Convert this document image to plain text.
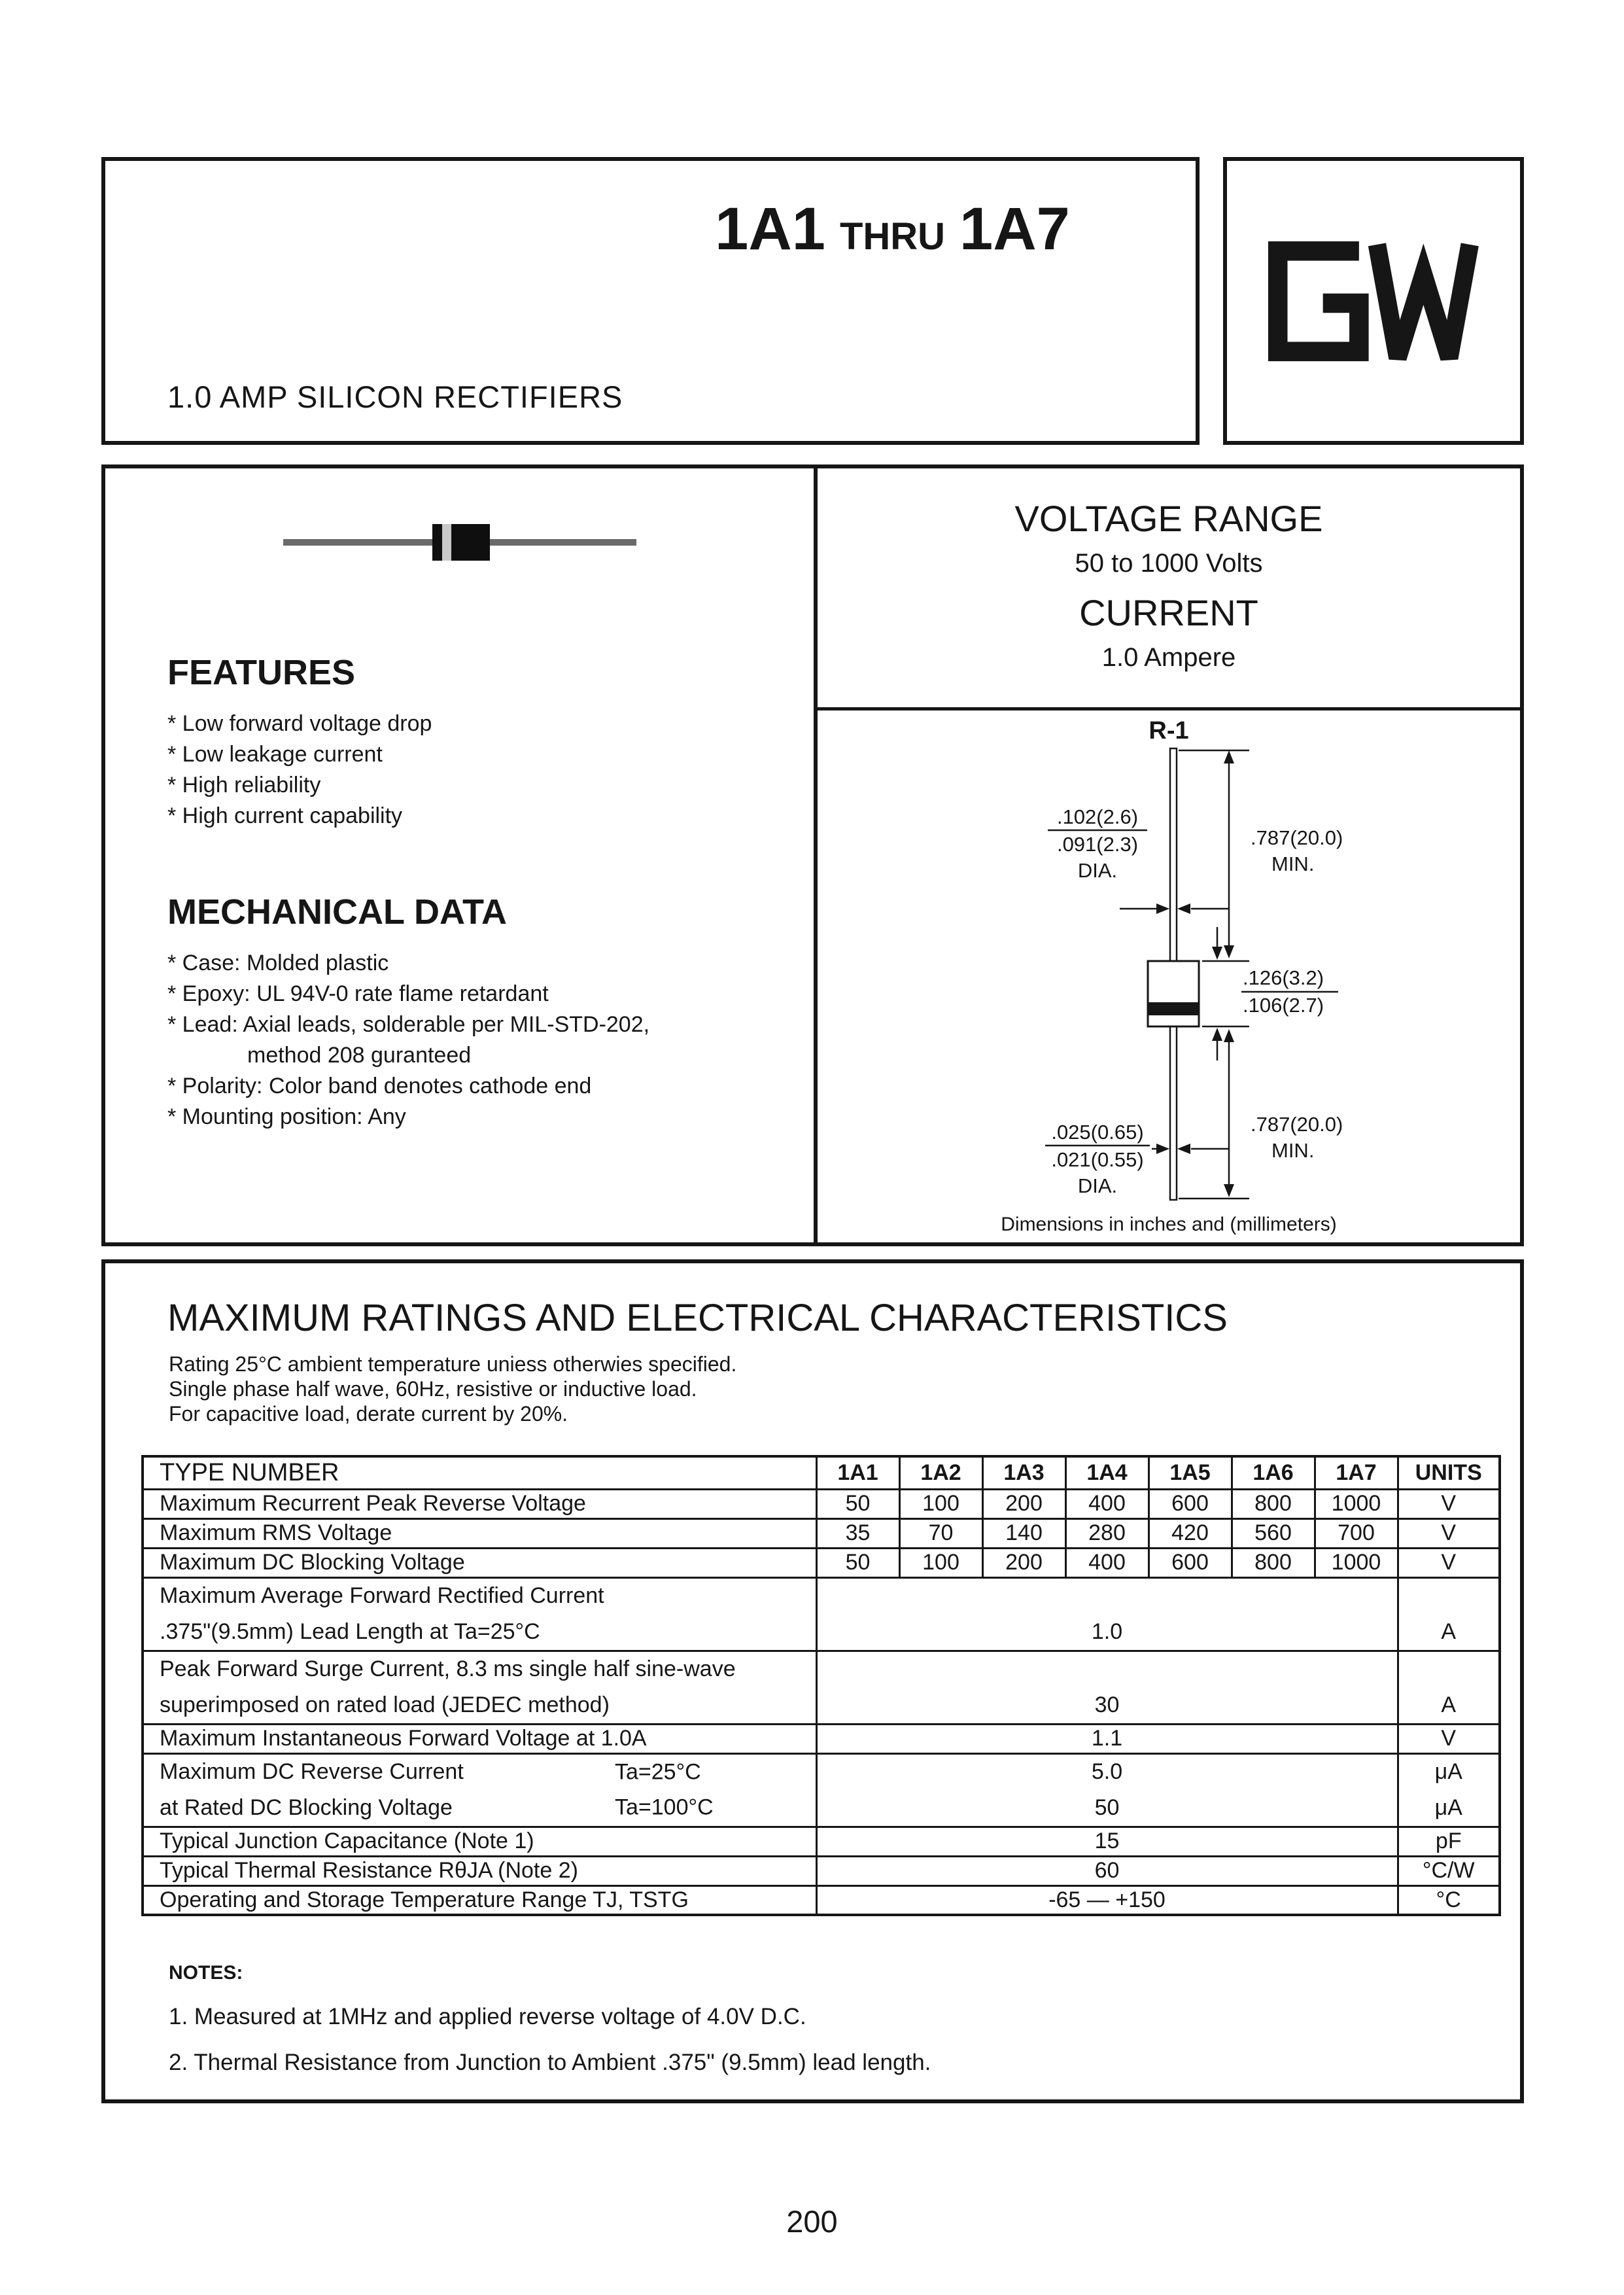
1A1 THRU 1A7
1.0 AMP SILICON RECTIFIERS
FEATURES
* Low forward voltage drop
* Low leakage current
* High reliability
* High current capability
MECHANICAL DATA
* Case: Molded plastic
* Epoxy: UL 94V-0 rate flame retardant
* Lead: Axial leads, solderable per MIL-STD-202,
method 208 guranteed
* Polarity: Color band denotes cathode end
* Mounting position: Any
VOLTAGE RANGE
50 to 1000 Volts
CURRENT
1.0 Ampere
R-1
.787(20.0)
MIN.
.102(2.6)
.091(2.3)
DIA.
.126(3.2)
.106(2.7)
.787(20.0)
MIN.
.025(0.65)
.021(0.55)
DIA.
Dimensions in inches and (millimeters)
MAXIMUM RATINGS AND ELECTRICAL CHARACTERISTICS
Rating 25°C ambient temperature uniess otherwies specified.
Single phase half wave, 60Hz, resistive or inductive load.
For capacitive load, derate current by 20%.
TYPE NUMBER	1A1	1A2	1A3	1A4	1A5	1A6	1A7	UNITS
Maximum Recurrent Peak Reverse Voltage	50	100	200	400	600	800	1000	V
Maximum RMS Voltage	35	70	140	280	420	560	700	V
Maximum DC Blocking Voltage	50	100	200	400	600	800	1000	V
Maximum Average Forward Rectified Current								
.375"(9.5mm) Lead Length at Ta=25°C	1.0							A
Peak Forward Surge Current, 8.3 ms single half sine-wave								
superimposed on rated load (JEDEC method)	30							A
Maximum Instantaneous Forward Voltage at 1.0A	1.1							V
Maximum DC Reverse Current Ta=25°C	5.0							μA
at Rated DC Blocking Voltage Ta=100°C	50							μA
Typical Junction Capacitance (Note 1)	15							pF
Typical Thermal Resistance RθJA (Note 2)	60							°C/W
Operating and Storage Temperature Range TJ, TSTG	-65 — +150							°C
NOTES:
1. Measured at 1MHz and applied reverse voltage of 4.0V D.C.
2. Thermal Resistance from Junction to Ambient .375" (9.5mm) lead length.
200
